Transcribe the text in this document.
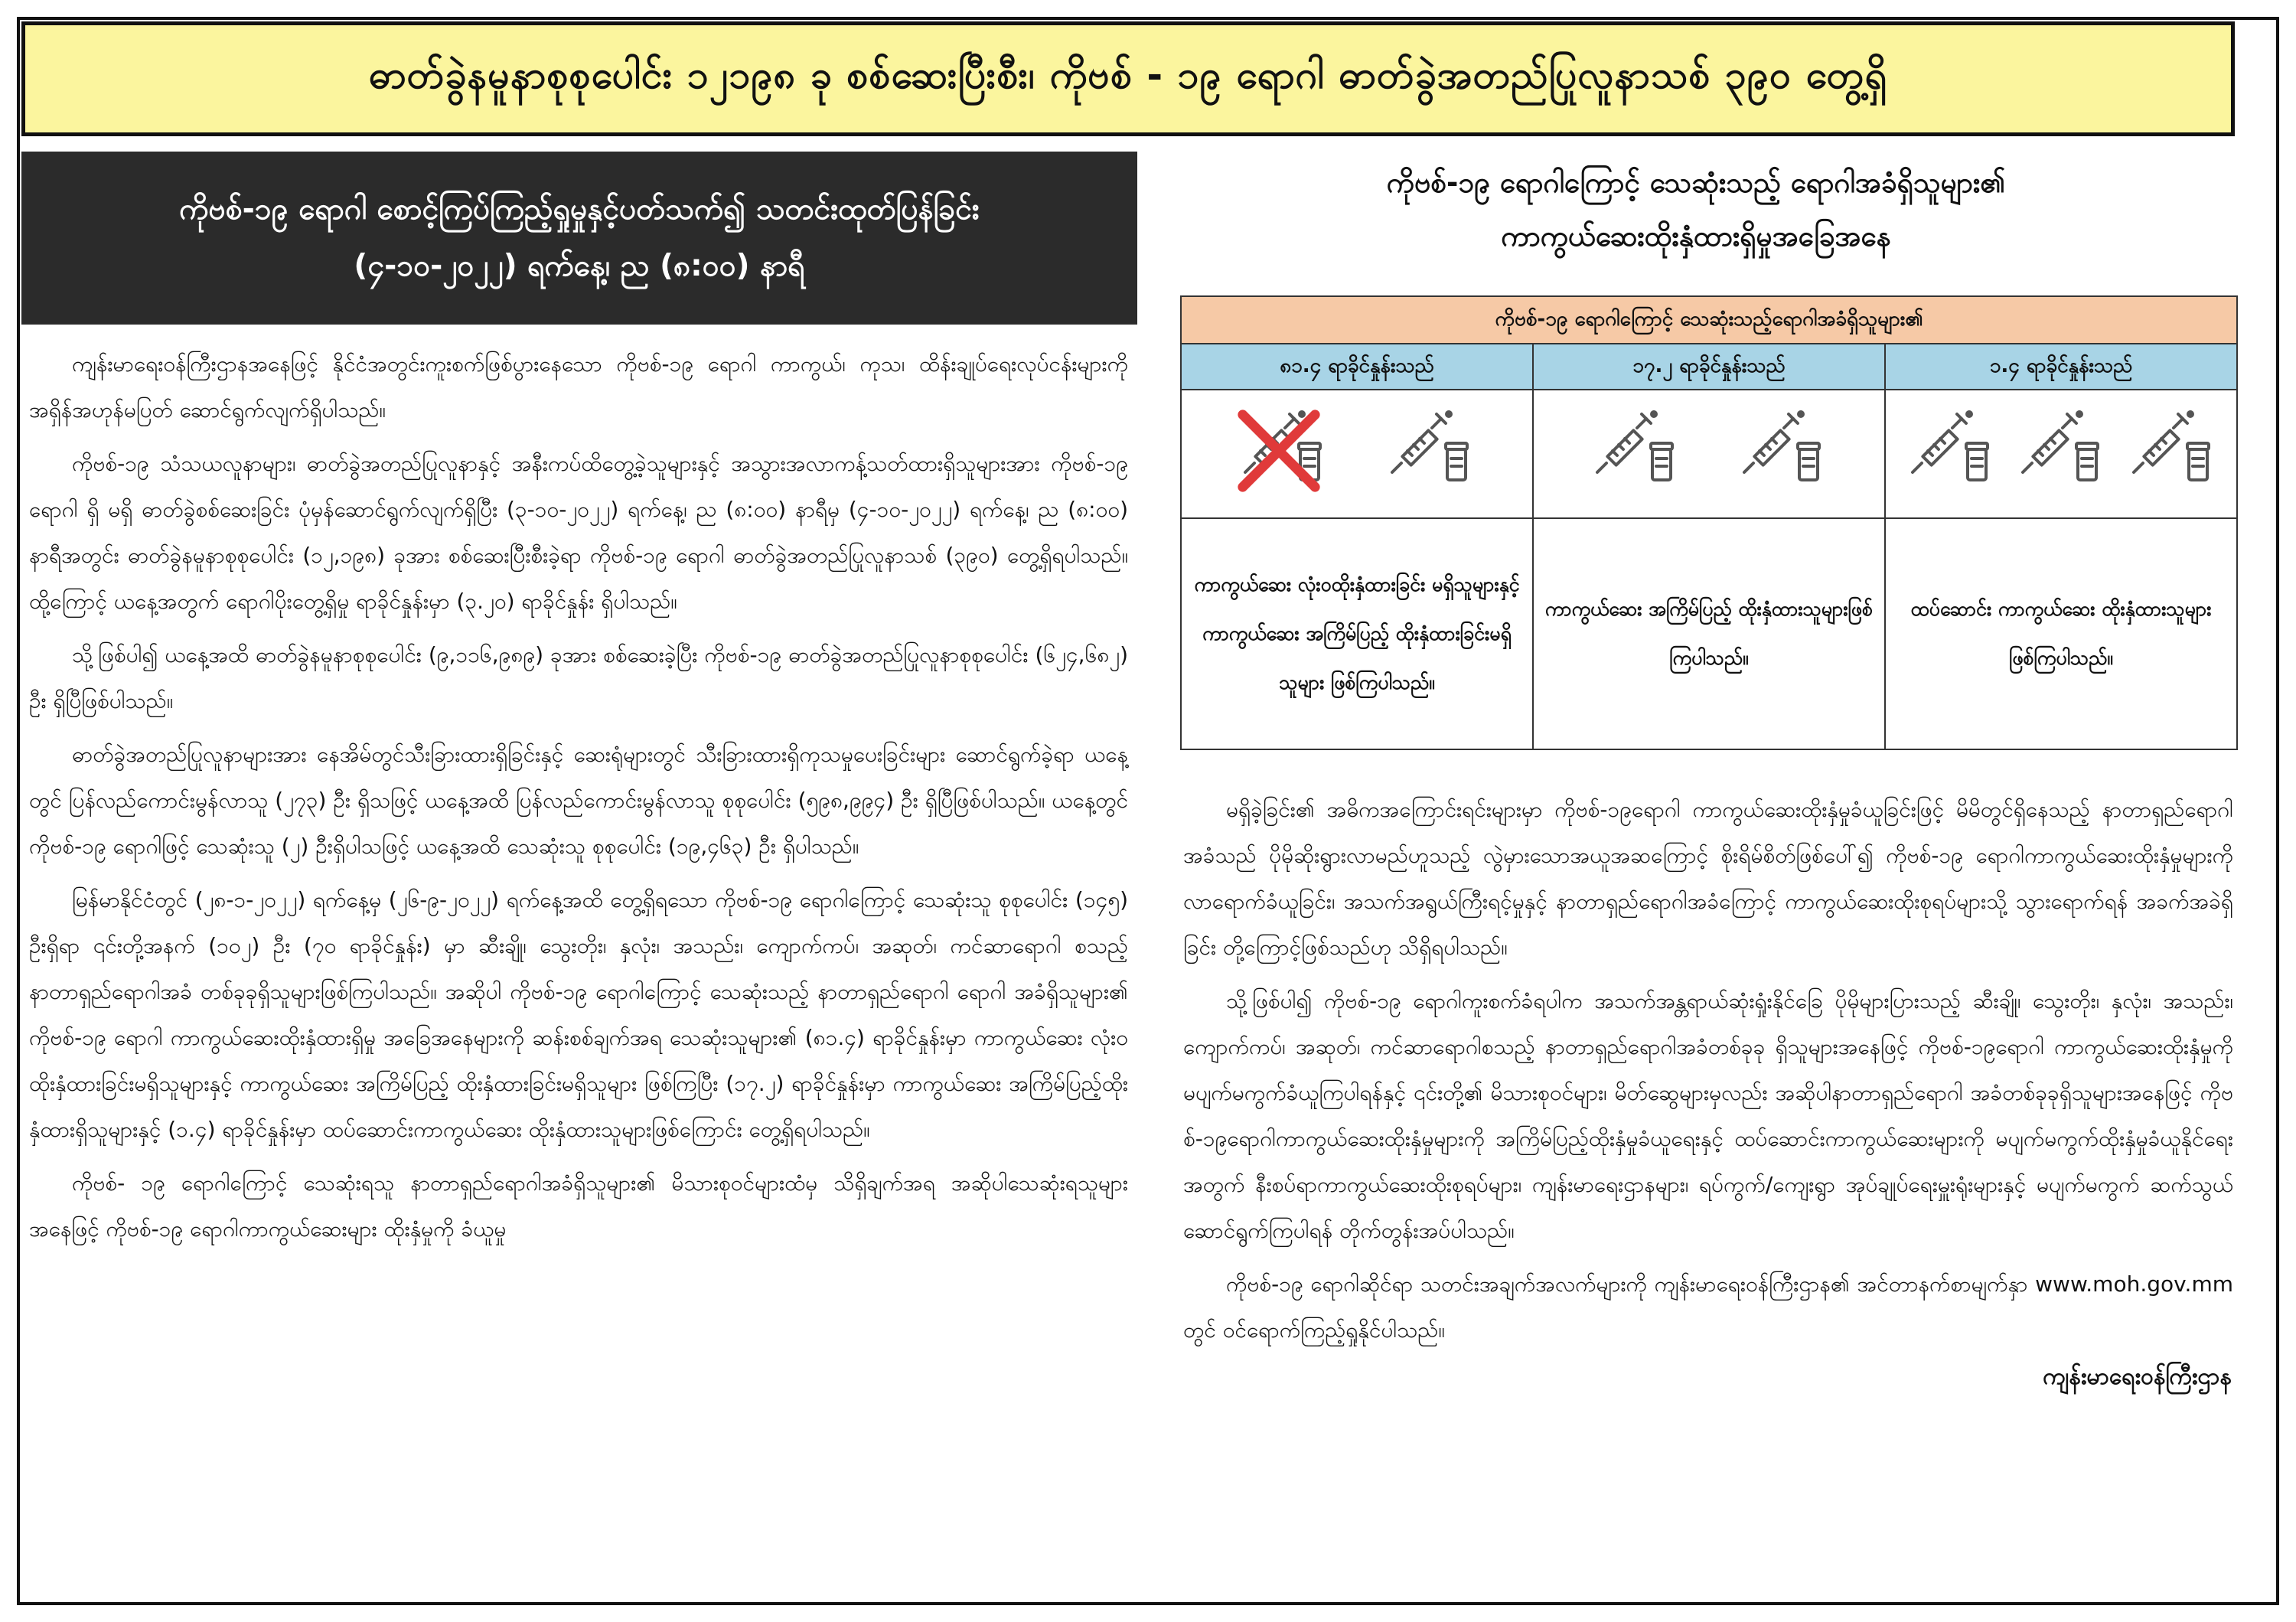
ဓာတ်ခွဲနမူနာစုစုပေါင်း ၁၂၁၉၈ ခု စစ်ဆေးပြီးစီး၊ ကိုဗစ် - ၁၉ ရောဂါ ဓာတ်ခွဲအတည်ပြုလူနာသစ် ၃၉၀ တွေ့ရှိ
ကိုဗစ်-၁၉ ရောဂါ စောင့်ကြပ်ကြည့်ရှုမှုနှင့်ပတ်သက်၍ သတင်းထုတ်ပြန်ခြင်း
(၄-၁၀-၂၀၂၂) ရက်နေ့၊ ည (၈:၀၀) နာရီ

ကျန်းမာရေးဝန်ကြီးဌာနအနေဖြင့် နိုင်ငံအတွင်းကူးစက်ဖြစ်ပွားနေသော ကိုဗစ်-၁၉ ရောဂါ ကာကွယ်၊ ကုသ၊ ထိန်းချုပ်ရေးလုပ်ငန်းများကို အရှိန်အဟုန်မပြတ် ဆောင်ရွက်လျက်ရှိပါသည်။

ကိုဗစ်-၁၉ သံသယလူနာများ၊ ဓာတ်ခွဲအတည်ပြုလူနာနှင့် အနီးကပ်ထိတွေ့ခဲ့သူများနှင့် အသွားအလာကန့်သတ်ထားရှိသူများအား ကိုဗစ်-၁၉ ရောဂါ ရှိ မရှိ ဓာတ်ခွဲစစ်ဆေးခြင်း ပုံမှန်ဆောင်ရွက်လျက်ရှိပြီး (၃-၁၀-၂၀၂၂) ရက်နေ့၊ ည (၈:၀၀) နာရီမှ (၄-၁၀-၂၀၂၂) ရက်နေ့၊ ည (၈:၀၀) နာရီအတွင်း ဓာတ်ခွဲနမူနာစုစုပေါင်း (၁၂,၁၉၈) ခုအား စစ်ဆေးပြီးစီးခဲ့ရာ ကိုဗစ်-၁၉ ရောဂါ ဓာတ်ခွဲအတည်ပြုလူနာသစ် (၃၉၀) တွေ့ရှိရပါသည်။ ထို့ကြောင့် ယနေ့အတွက် ရောဂါပိုးတွေ့ရှိမှု ရာခိုင်နှုန်းမှာ (၃.၂၀) ရာခိုင်နှုန်း ရှိပါသည်။

သို့ဖြစ်ပါ၍ ယနေ့အထိ ဓာတ်ခွဲနမူနာစုစုပေါင်း (၉,၁၁၆,၉၈၉) ခုအား စစ်ဆေးခဲ့ပြီး ကိုဗစ်-၁၉ ဓာတ်ခွဲအတည်ပြုလူနာစုစုပေါင်း (၆၂၄,၆၈၂) ဦး ရှိပြီဖြစ်ပါသည်။

ဓာတ်ခွဲအတည်ပြုလူနာများအား နေအိမ်တွင်သီးခြားထားရှိခြင်းနှင့် ဆေးရုံများတွင် သီးခြားထားရှိကုသမှုပေးခြင်းများ ဆောင်ရွက်ခဲ့ရာ ယနေ့တွင် ပြန်လည်ကောင်းမွန်လာသူ (၂၇၃) ဦး ရှိသဖြင့် ယနေ့အထိ ပြန်လည်ကောင်းမွန်လာသူ စုစုပေါင်း (၅၉၈,၉၉၄) ဦး ရှိပြီဖြစ်ပါသည်။ ယနေ့တွင် ကိုဗစ်-၁၉ ရောဂါဖြင့် သေဆုံးသူ (၂) ဦးရှိပါသဖြင့် ယနေ့အထိ သေဆုံးသူ စုစုပေါင်း (၁၉,၄၆၃) ဦး ရှိပါသည်။

မြန်မာနိုင်ငံတွင် (၂၈-၁-၂၀၂၂) ရက်နေ့မှ (၂၆-၉-၂၀၂၂) ရက်နေ့အထိ တွေ့ရှိရသော ကိုဗစ်-၁၉ ရောဂါကြောင့် သေဆုံးသူ စုစုပေါင်း (၁၄၅) ဦးရှိရာ ၎င်းတို့အနက် (၁၀၂) ဦး (၇၀ ရာခိုင်နှုန်း) မှာ ဆီးချို၊ သွေးတိုး၊ နှလုံး၊ အသည်း၊ ကျောက်ကပ်၊ အဆုတ်၊ ကင်ဆာရောဂါ စသည့် နာတာရှည်ရောဂါအခံ တစ်ခုခုရှိသူများဖြစ်ကြပါသည်။ အဆိုပါ ကိုဗစ်-၁၉ ရောဂါကြောင့် သေဆုံးသည့် နာတာရှည်ရောဂါ ရောဂါ အခံရှိသူများ၏ ကိုဗစ်-၁၉ ရောဂါ ကာကွယ်ဆေးထိုးနှံထားရှိမှု အခြေအနေများကို ဆန်းစစ်ချက်အရ သေဆုံးသူများ၏ (၈၁.၄) ရာခိုင်နှုန်းမှာ ကာကွယ်ဆေး လုံးဝထိုးနှံထားခြင်းမရှိသူများနှင့် ကာကွယ်ဆေး အကြိမ်ပြည့် ထိုးနှံထားခြင်းမရှိသူများ ဖြစ်ကြပြီး (၁၇.၂) ရာခိုင်နှုန်းမှာ ကာကွယ်ဆေး အကြိမ်ပြည့်ထိုးနှံထားရှိသူများနှင့် (၁.၄) ရာခိုင်နှုန်းမှာ ထပ်ဆောင်းကာကွယ်ဆေး ထိုးနှံထားသူများဖြစ်ကြောင်း တွေ့ရှိရပါသည်။

ကိုဗစ်- ၁၉ ရောဂါကြောင့် သေဆုံးရသူ နာတာရှည်ရောဂါအခံရှိသူများ၏ မိသားစုဝင်များထံမှ သိရှိချက်အရ အဆိုပါသေဆုံးရသူများအနေဖြင့် ကိုဗစ်-၁၉ ရောဂါကာကွယ်ဆေးများ ထိုးနှံမှုကို ခံယူမှု

ကိုဗစ်-၁၉ ရောဂါကြောင့် သေဆုံးသည့် ရောဂါအခံရှိသူများ၏
ကာကွယ်ဆေးထိုးနှံထားရှိမှုအခြေအနေ
ကိုဗစ်-၁၉ ရောဂါကြောင့် သေဆုံးသည့်ရောဂါအခံရှိသူများ၏
၈၁.၄ ရာခိုင်နှုန်းသည်	၁၇.၂ ရာခိုင်နှုန်းသည်	၁.၄ ရာခိုင်နှုန်းသည်
ကာကွယ်ဆေး လုံးဝထိုးနှံထားခြင်း မရှိသူများနှင့် ကာကွယ်ဆေး အကြိမ်ပြည့် ထိုးနှံထားခြင်းမရှိ သူများ ဖြစ်ကြပါသည်။
ကာကွယ်ဆေး အကြိမ်ပြည့် ထိုးနှံထားသူများဖြစ်ကြပါသည်။
ထပ်ဆောင်း ကာကွယ်ဆေး ထိုးနှံထားသူများ ဖြစ်ကြပါသည်။

မရှိခဲ့ခြင်း၏ အဓိကအကြောင်းရင်းများမှာ ကိုဗစ်-၁၉ရောဂါ ကာကွယ်ဆေးထိုးနှံမှုခံယူခြင်းဖြင့် မိမိတွင်ရှိနေသည့် နာတာရှည်ရောဂါအခံသည် ပိုမိုဆိုးရွားလာမည်ဟူသည့် လွဲမှားသောအယူအဆကြောင့် စိုးရိမ်စိတ်ဖြစ်ပေါ်၍ ကိုဗစ်-၁၉ ရောဂါကာကွယ်ဆေးထိုးနှံမှုများကို လာရောက်ခံယူခြင်း၊ အသက်အရွယ်ကြီးရင့်မှုနှင့် နာတာရှည်ရောဂါအခံကြောင့် ကာကွယ်ဆေးထိုးစုရပ်များသို့ သွားရောက်ရန် အခက်အခဲရှိခြင်း တို့ကြောင့်ဖြစ်သည်ဟု သိရှိရပါသည်။

သို့ဖြစ်ပါ၍ ကိုဗစ်-၁၉ ရောဂါကူးစက်ခံရပါက အသက်အန္တရာယ်ဆုံးရှုံးနိုင်ခြေ ပိုမိုများပြားသည့် ဆီးချို၊ သွေးတိုး၊ နှလုံး၊ အသည်း၊ ကျောက်ကပ်၊ အဆုတ်၊ ကင်ဆာရောဂါစသည့် နာတာရှည်ရောဂါအခံတစ်ခုခု ရှိသူများအနေဖြင့် ကိုဗစ်-၁၉ရောဂါ ကာကွယ်ဆေးထိုးနှံမှုကို မပျက်မကွက်ခံယူကြပါရန်နှင့် ၎င်းတို့၏ မိသားစုဝင်များ၊ မိတ်ဆွေများမှလည်း အဆိုပါနာတာရှည်ရောဂါ အခံတစ်ခုခုရှိသူများအနေဖြင့် ကိုဗစ်-၁၉ရောဂါကာကွယ်ဆေးထိုးနှံမှုများကို အကြိမ်ပြည့်ထိုးနှံမှုခံယူရေးနှင့် ထပ်ဆောင်းကာကွယ်ဆေးများကို မပျက်မကွက်ထိုးနှံမှုခံယူနိုင်ရေးအတွက် နီးစပ်ရာကာကွယ်ဆေးထိုးစုရပ်များ၊ ကျန်းမာရေးဌာနများ၊ ရပ်ကွက်/ကျေးရွာ အုပ်ချုပ်ရေးမှူးရုံးများနှင့် မပျက်မကွက် ဆက်သွယ်ဆောင်ရွက်ကြပါရန် တိုက်တွန်းအပ်ပါသည်။

ကိုဗစ်-၁၉ ရောဂါဆိုင်ရာ သတင်းအချက်အလက်များကို ကျန်းမာရေးဝန်ကြီးဌာန၏ အင်တာနက်စာမျက်နှာ www.moh.gov.mm တွင် ဝင်ရောက်ကြည့်ရှုနိုင်ပါသည်။

ကျန်းမာရေးဝန်ကြီးဌာန
